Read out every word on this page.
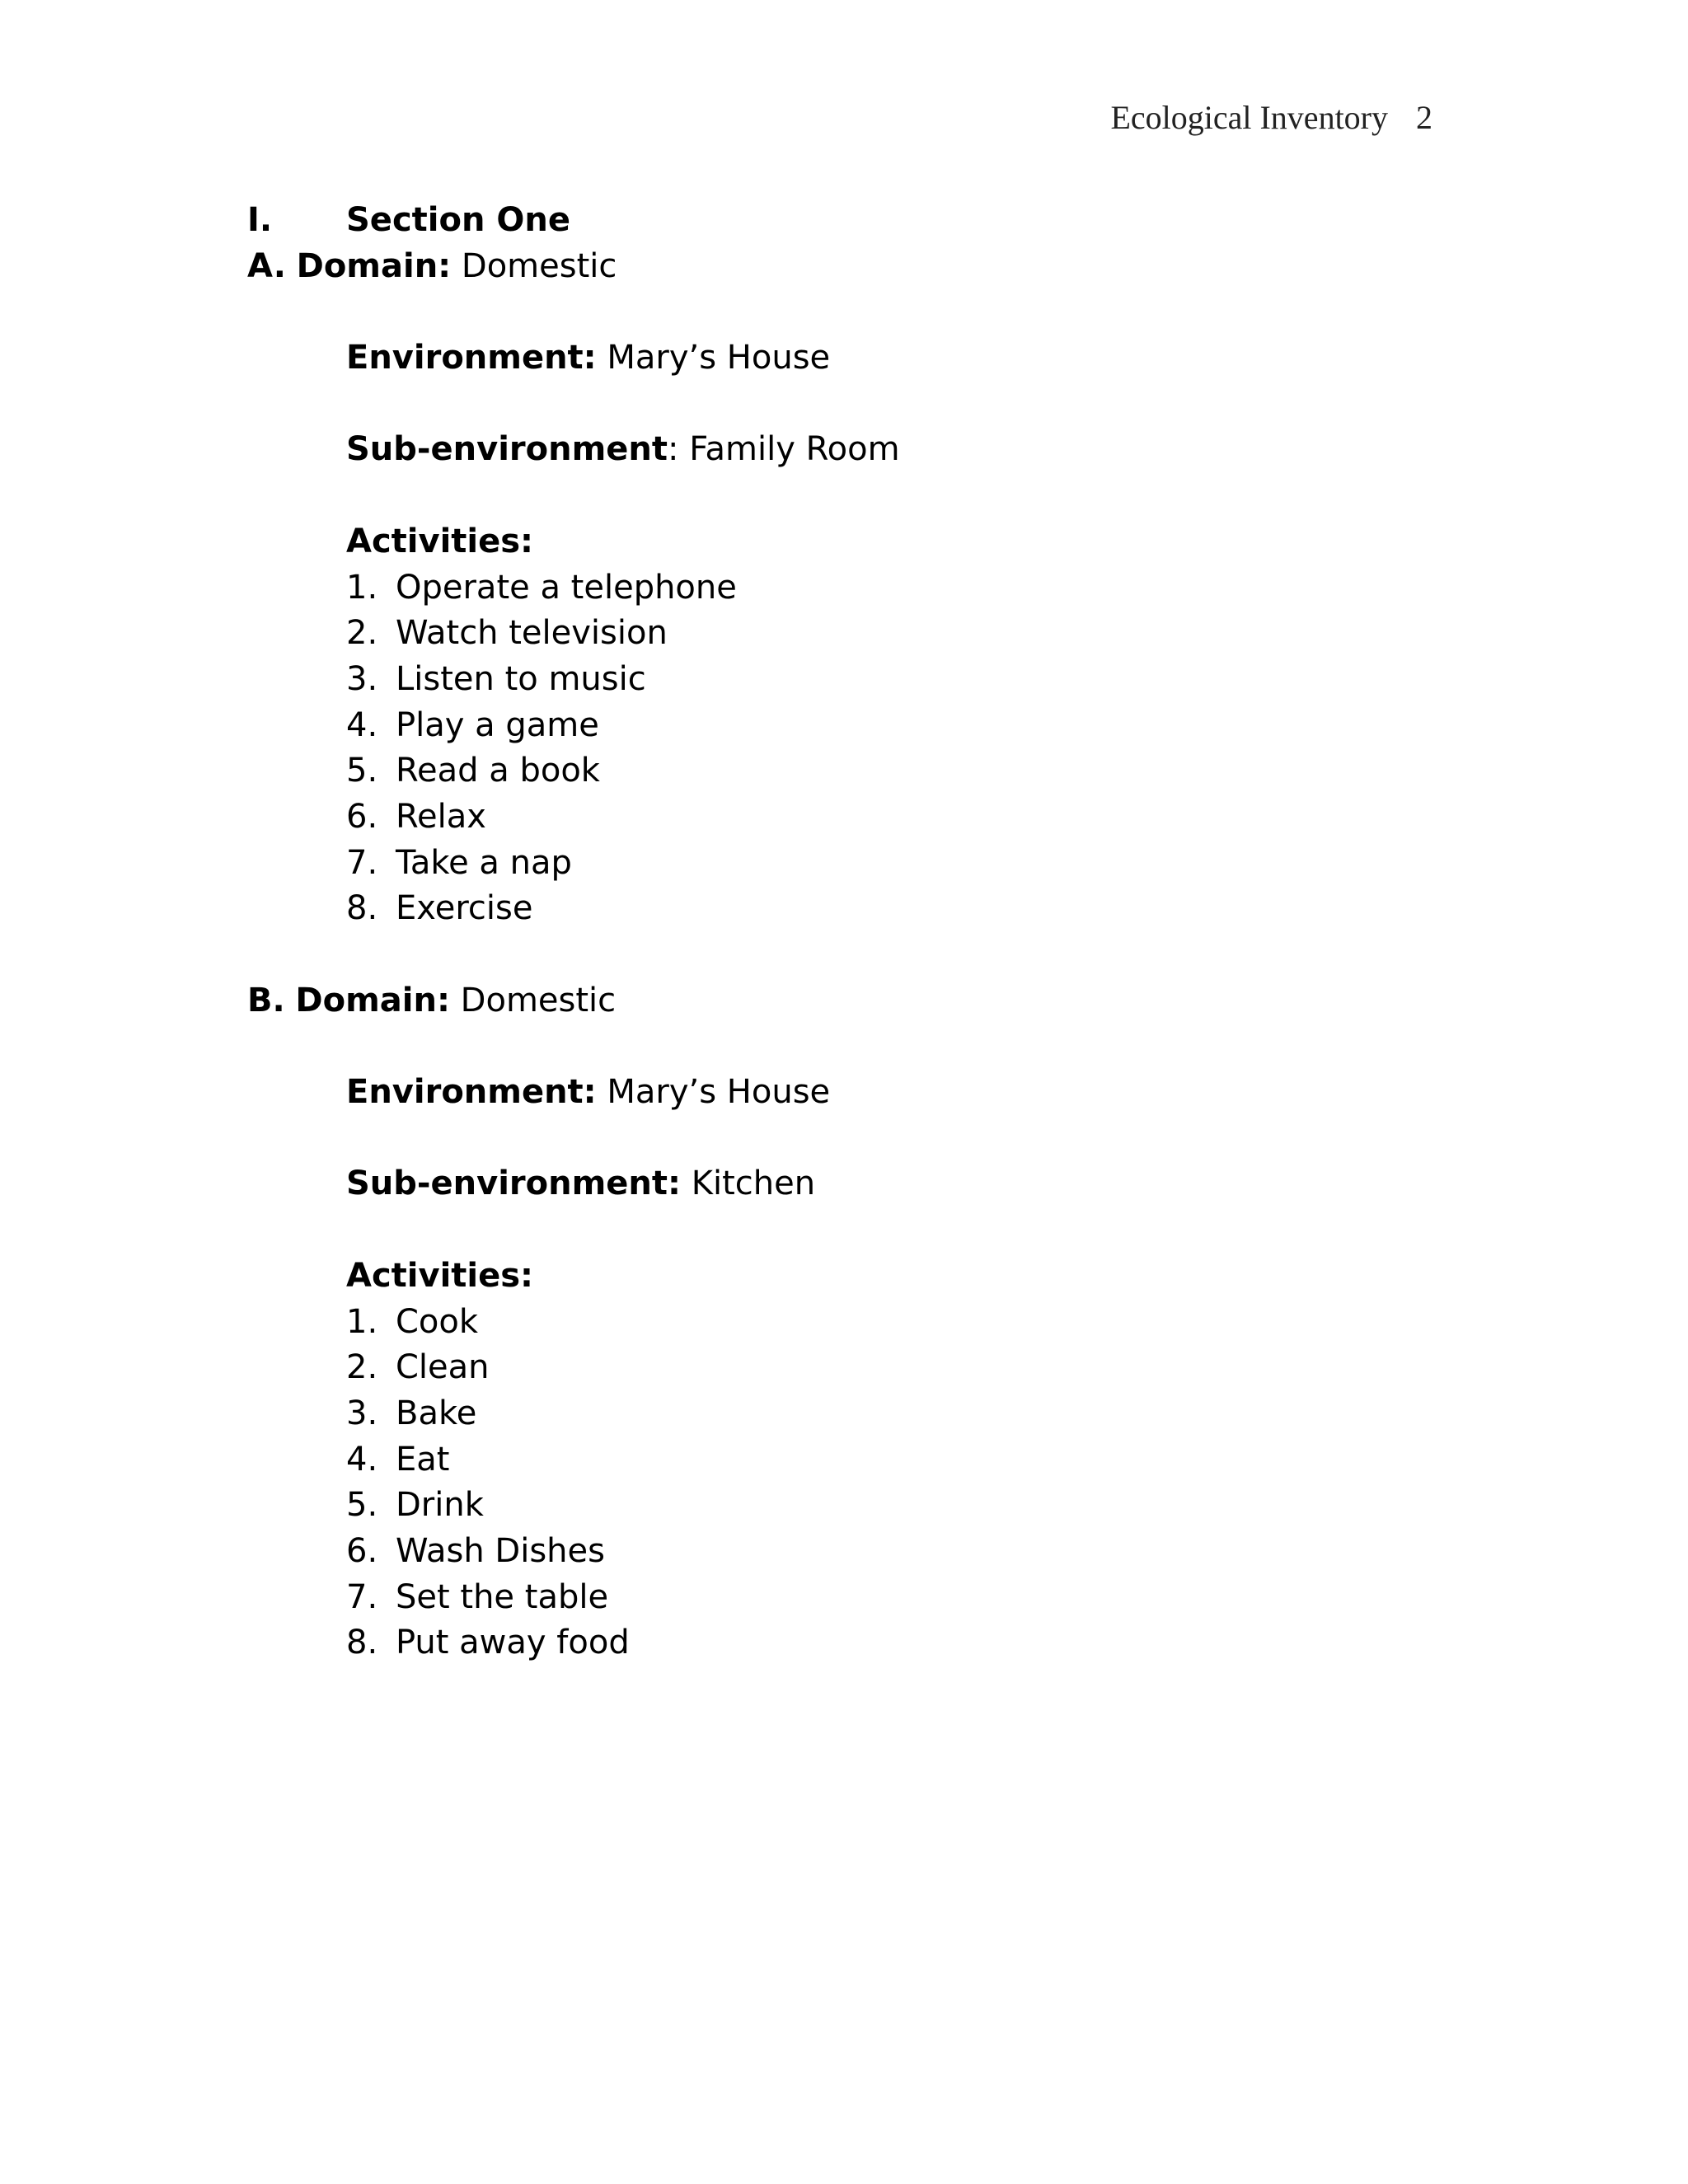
Ecological Inventory 2
I. Section One
A. Domain: Domestic
Environment: Mary’s House
Sub-environment: Family Room
Activities:
1. Operate a telephone
2. Watch television
3. Listen to music
4. Play a game
5. Read a book
6. Relax
7. Take a nap
8. Exercise
B. Domain: Domestic
Environment: Mary’s House
Sub-environment: Kitchen
Activities:
1. Cook
2. Clean
3. Bake
4. Eat
5. Drink
6. Wash Dishes
7. Set the table
8. Put away food
